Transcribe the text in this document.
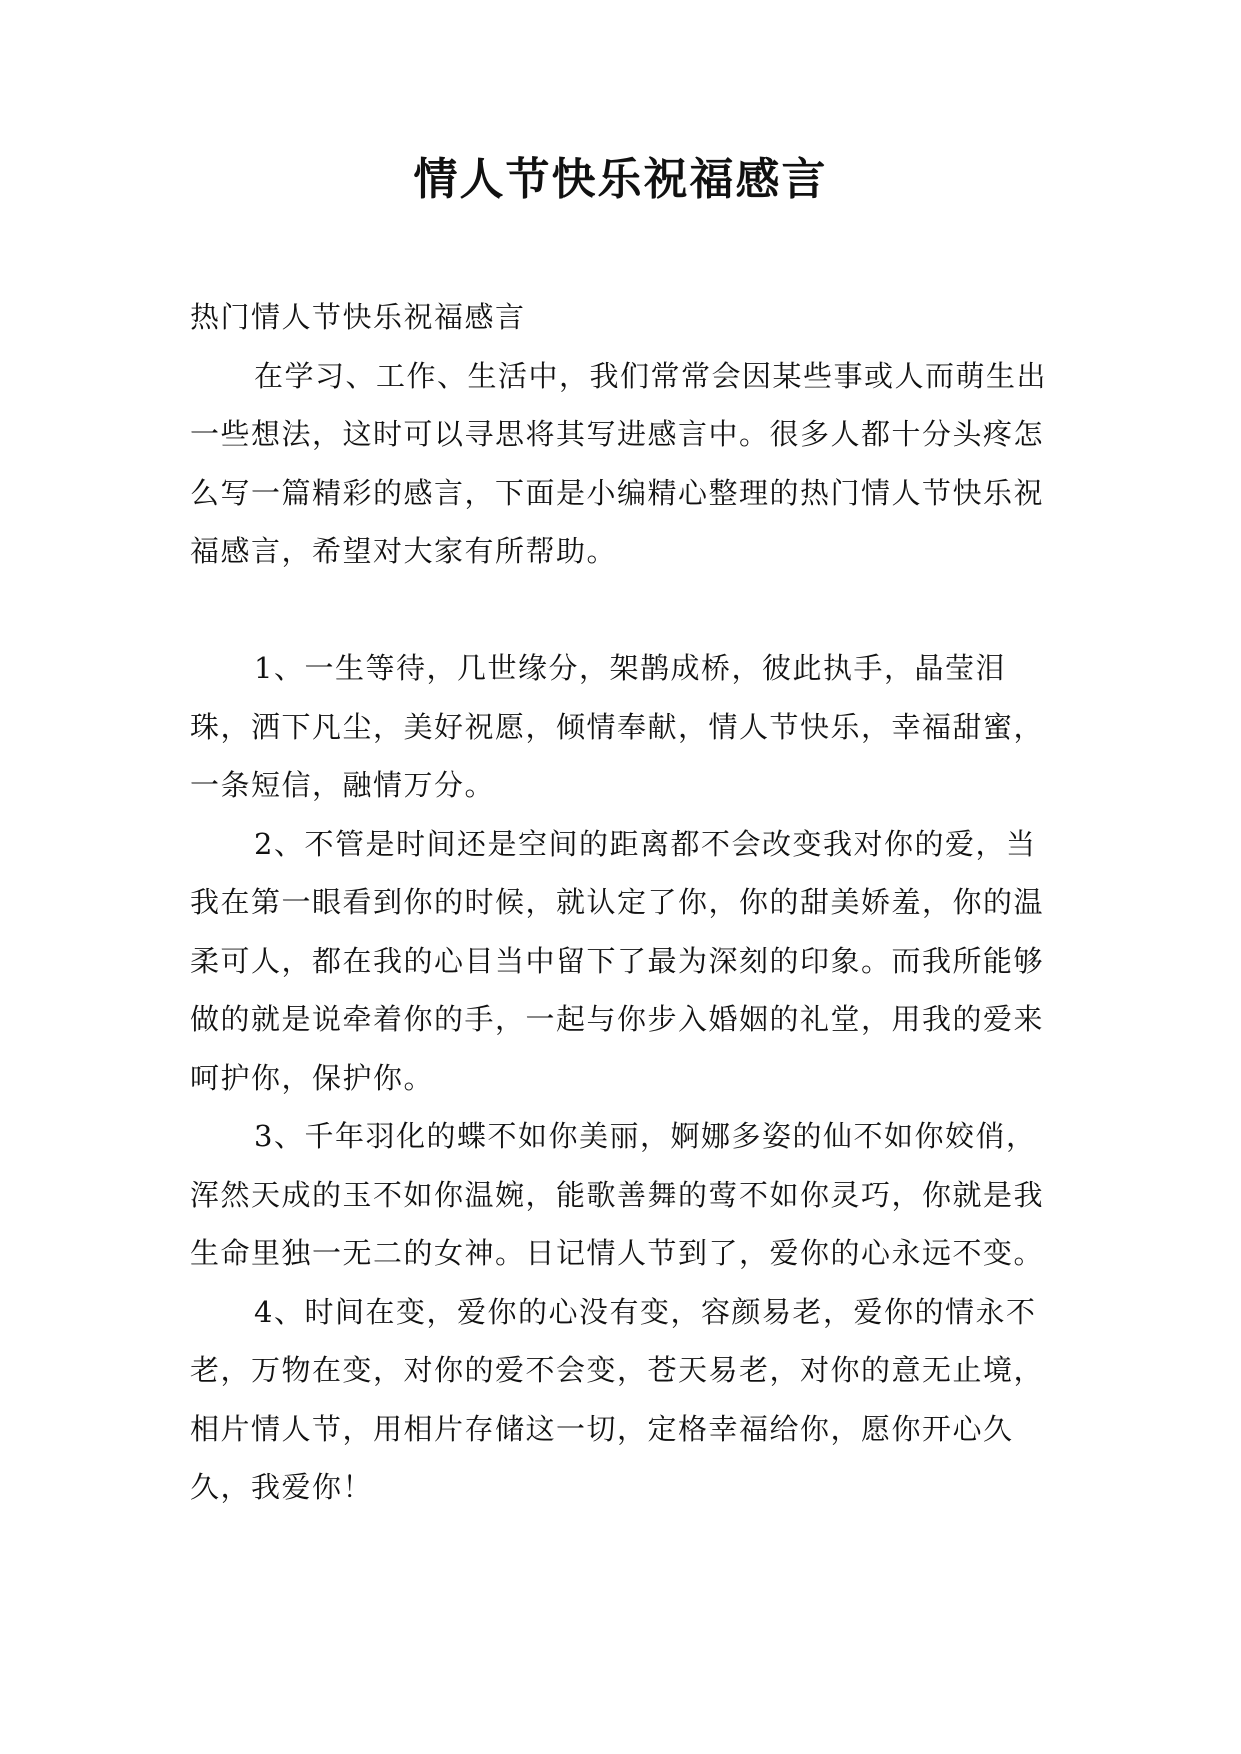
情人节快乐祝福感言

热门情人节快乐祝福感言

在学习、工作、生活中，我们常常会因某些事或人而萌生出一些想法，这时可以寻思将其写进感言中。很多人都十分头疼怎么写一篇精彩的感言，下面是小编精心整理的热门情人节快乐祝福感言，希望对大家有所帮助。

1、一生等待，几世缘分，架鹊成桥，彼此执手，晶莹泪珠，洒下凡尘，美好祝愿，倾情奉献，情人节快乐，幸福甜蜜，一条短信，融情万分。

2、不管是时间还是空间的距离都不会改变我对你的爱，当我在第一眼看到你的时候，就认定了你，你的甜美娇羞，你的温柔可人，都在我的心目当中留下了最为深刻的印象。而我所能够做的就是说牵着你的手，一起与你步入婚姻的礼堂，用我的爱来呵护你，保护你。

3、千年羽化的蝶不如你美丽，婀娜多姿的仙不如你姣俏，浑然天成的玉不如你温婉，能歌善舞的莺不如你灵巧，你就是我生命里独一无二的女神。日记情人节到了，爱你的心永远不变。

4、时间在变，爱你的心没有变，容颜易老，爱你的情永不老，万物在变，对你的爱不会变，苍天易老，对你的意无止境，相片情人节，用相片存储这一切，定格幸福给你，愿你开心久久，我爱你！
